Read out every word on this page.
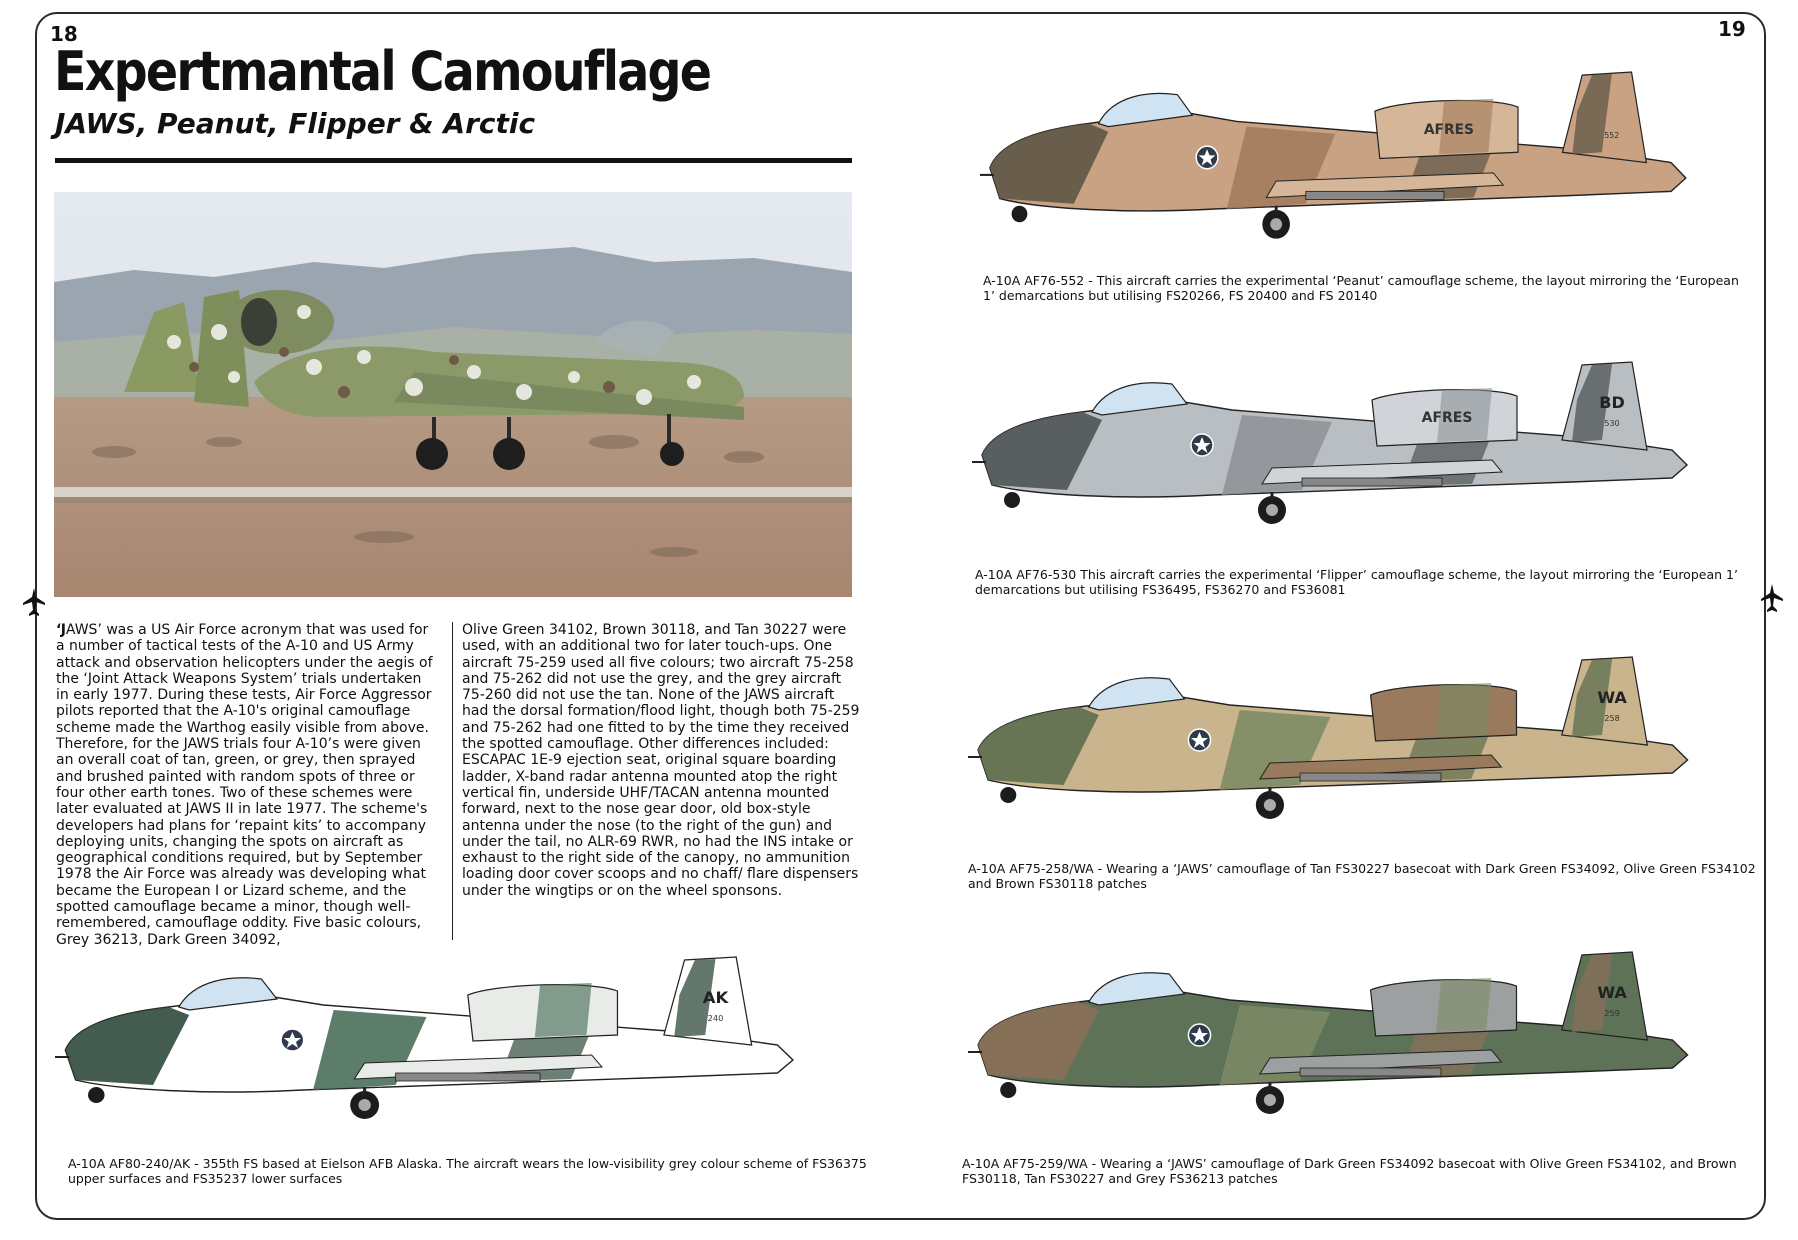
18	19
Expertmantal Camouflage
JAWS, Peanut, Flipper & Arctic
‘JAWS’ was a US Air Force acronym that was used for a number of tactical tests of the A-10 and US Army attack and observation helicopters under the aegis of the ‘Joint Attack Weapons System’ trials undertaken in early 1977. During these tests, Air Force Aggressor pilots reported that the A-10's original camouflage scheme made the Warthog easily visible from above. Therefore, for the JAWS trials four A-10’s were given an overall coat of tan, green, or grey, then sprayed and brushed painted with random spots of three or four other earth tones. Two of these schemes were later evaluated at JAWS II in late 1977. The scheme's developers had plans for ‘repaint kits’ to accompany deploying units, changing the spots on aircraft as geographical conditions required, but by September 1978 the Air Force was already was developing what became the European I or Lizard scheme, and the spotted camouflage became a minor, though well- remembered, camouflage oddity. Five basic colours, Grey 36213, Dark Green 34092,
Olive Green 34102, Brown 30118, and Tan 30227 were used, with an additional two for later touch-ups. One aircraft 75-259 used all five colours; two aircraft 75-258 and 75-262 did not use the grey, and the grey aircraft 75-260 did not use the tan. None of the JAWS aircraft had the dorsal formation/flood light, though both 75-259 and 75-262 had one fitted to by the time they received the spotted camouflage. Other differences included: ESCAPAC 1E-9 ejection seat, original square boarding ladder, X-band radar antenna mounted atop the right vertical fin, underside UHF/TACAN antenna mounted forward, next to the nose gear door, old box-style antenna under the nose (to the right of the gun) and under the tail, no ALR-69 RWR, no had the INS intake or exhaust to the right side of the canopy, no ammunition loading door cover scoops and no chaff/ flare dispensers under the wingtips or on the wheel sponsons.
AFRES	552
A-10A AF76-552 - This aircraft carries the experimental ‘Peanut’ camouflage scheme, the layout mirroring the ‘European 1’ demarcations but utilising FS20266, FS 20400 and FS 20140
AFRES
BD
530
A-10A AF76-530 This aircraft carries the experimental ‘Flipper’ camouflage scheme, the layout mirroring the ‘European 1’ demarcations but utilising FS36495, FS36270 and FS36081
WA
258
A-10A AF75-258/WA - Wearing a ‘JAWS’ camouflage of Tan FS30227 basecoat with Dark Green FS34092, Olive Green FS34102 and Brown FS30118 patches
AK
240
A-10A AF80-240/AK - 355th FS based at Eielson AFB Alaska. The aircraft wears the low-visibility grey colour scheme of FS36375 upper surfaces and FS35237 lower surfaces
WA
259
A-10A AF75-259/WA - Wearing a ‘JAWS’ camouflage of Dark Green FS34092 basecoat with Olive Green FS34102, and Brown FS30118, Tan FS30227 and Grey FS36213 patches
